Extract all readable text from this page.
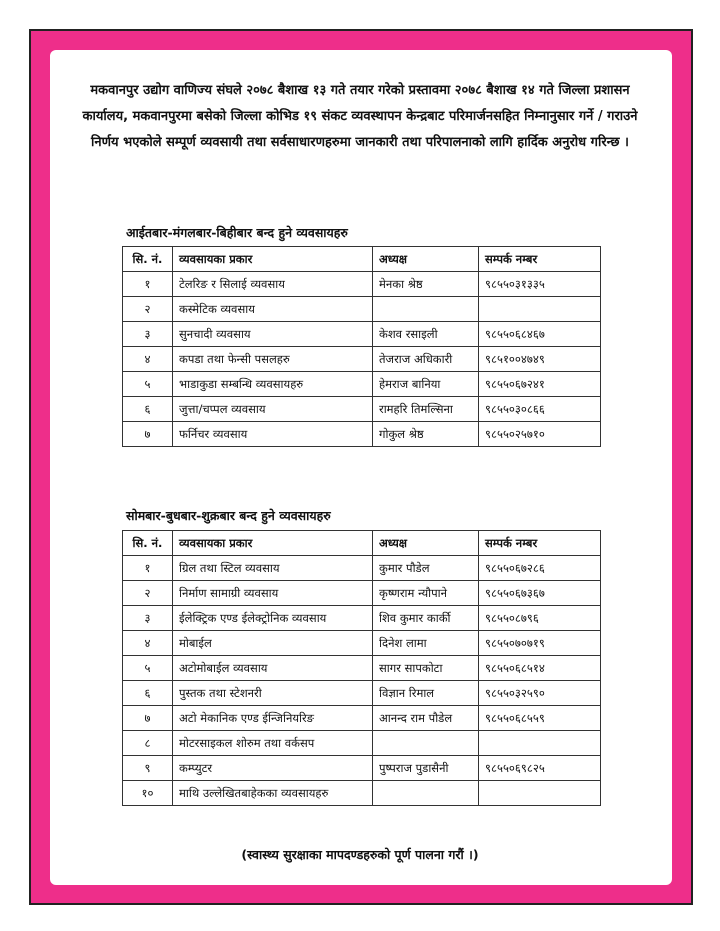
मकवानपुर उद्योग वाणिज्य संघले २०७८ बैशाख १३ गते तयार गरेको प्रस्तावमा २०७८ बैशाख १४ गते जिल्ला प्रशासन कार्यालय, मकवानपुरमा बसेको जिल्ला कोभिड १९ संकट व्यवस्थापन केन्द्रबाट परिमार्जनसहित निम्नानुसार गर्ने / गराउने निर्णय भएकोले सम्पूर्ण व्यवसायी तथा सर्वसाधारणहरुमा जानकारी तथा परिपालनाको लागि हार्दिक अनुरोध गरिन्छ ।
आईतबार-मंगलबार-बिहीबार बन्द हुने व्यवसायहरु
सि. नं.	व्यवसायका प्रकार	अध्यक्ष	सम्पर्क नम्बर
१	टेलरिङ र सिलाई व्यवसाय	मेनका श्रेष्ठ	९८५५०३१३३५
२	कस्मेटिक व्यवसाय		
३	सुनचादी व्यवसाय	केशव रसाइली	९८५५०६८४६७
४	कपडा तथा फेन्सी पसलहरु	तेजराज अधिकारी	९८५१००४७४९
५	भाडाकुडा सम्बन्धि व्यवसायहरु	हेमराज बानिया	९८५५०६७२४१
६	जुत्ता/चप्पल व्यवसाय	रामहरि तिमल्सिना	९८५५०३०८६६
७	फर्निचर व्यवसाय	गोकुल श्रेष्ठ	९८५५०२५७१०
सोमबार-बुधबार-शुक्रबार बन्द हुने व्यवसायहरु
सि. नं.	व्यवसायका प्रकार	अध्यक्ष	सम्पर्क नम्बर
१	ग्रिल तथा स्टिल व्यवसाय	कुमार पौडेल	९८५५०६७२८६
२	निर्माण सामाग्री व्यवसाय	कृष्णराम न्यौपाने	९८५५०६७३६७
३	ईलेक्ट्रिक एण्ड ईलेक्ट्रोनिक व्यवसाय	शिव कुमार कार्की	९८५५०८७९६
४	मोबाईल	दिनेश लामा	९८५५०७०७१९
५	अटोमोबाईल व्यवसाय	सागर सापकोटा	९८५५०६८५१४
६	पुस्तक तथा स्टेशनरी	विज्ञान रिमाल	९८५५०३२५९०
७	अटो मेकानिक एण्ड ईन्जिनियरिङ	आनन्द राम पौडेल	९८५५०६८५५९
८	मोटरसाइकल शोरुम तथा वर्कसप		
९	कम्प्युटर	पुष्पराज पुडासैनी	९८५५०६९८२५
१०	माथि उल्लेखितबाहेकका व्यवसायहरु		
(स्वास्थ्य सुरक्षाका मापदण्डहरुको पूर्ण पालना गरौं ।)
